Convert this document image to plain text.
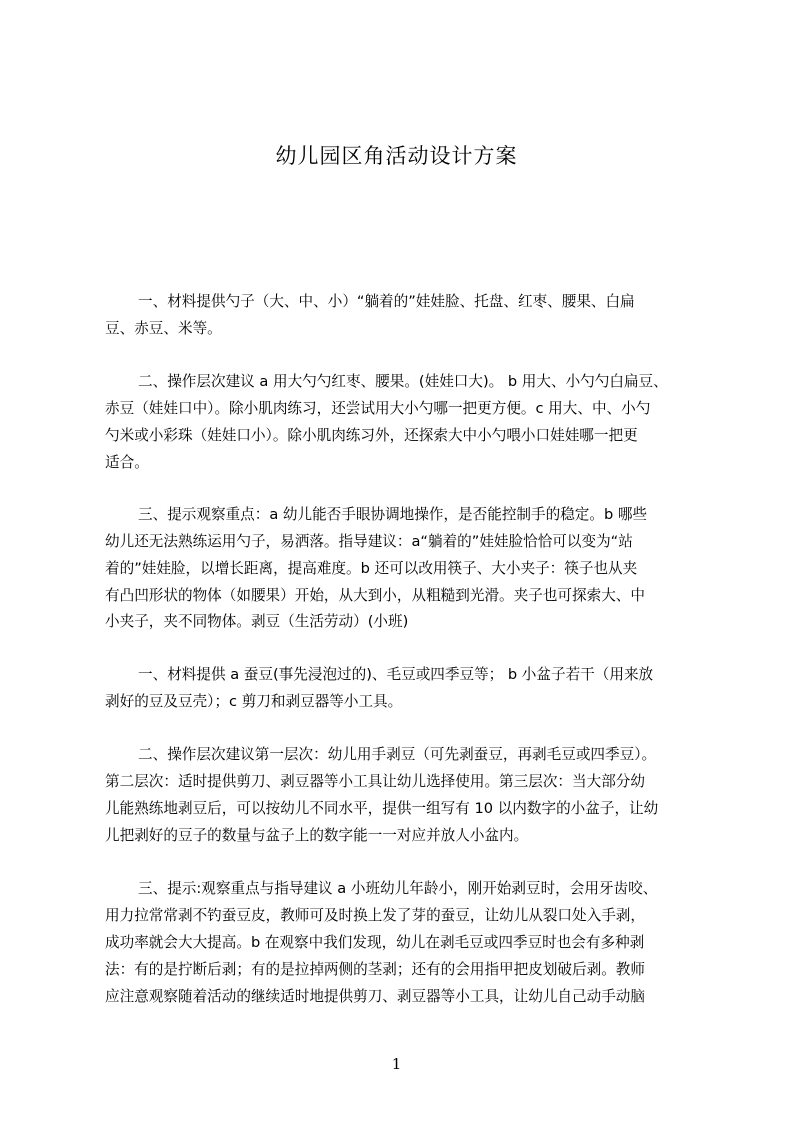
幼儿园区角活动设计方案
一、材料提供勺子（大、中、小）“躺着的”娃娃脸、托盘、红枣、腰果、白扁
豆、赤豆、米等。
二、操作层次建议 a 用大勺勺红枣、腰果。(娃娃口大)。 b 用大、小勺勺白扁豆、
赤豆（娃娃口中）。除小肌肉练习，还尝试用大小勺哪一把更方便。c 用大、中、小勺
勺米或小彩珠（娃娃口小）。除小肌肉练习外，还探索大中小勺喂小口娃娃哪一把更
适合。
三、提示观察重点：a 幼儿能否手眼协调地操作，是否能控制手的稳定。b 哪些
幼儿还无法熟练运用勺子，易洒落。指导建议：a“躺着的”娃娃脸恰恰可以变为“站
着的”娃娃脸，以增长距离，提高难度。b 还可以改用筷子、大小夹子：筷子也从夹
有凸凹形状的物体（如腰果）开始，从大到小，从粗糙到光滑。夹子也可探索大、中
小夹子，夹不同物体。剥豆（生活劳动）(小班)
一、材料提供 a 蚕豆(事先浸泡过的)、毛豆或四季豆等； b 小盆子若干（用来放
剥好的豆及豆壳）；c 剪刀和剥豆器等小工具。
二、操作层次建议第一层次：幼儿用手剥豆（可先剥蚕豆，再剥毛豆或四季豆）。
第二层次：适时提供剪刀、剥豆器等小工具让幼儿选择使用。第三层次：当大部分幼
儿能熟练地剥豆后，可以按幼儿不同水平，提供一组写有 10 以内数字的小盆子，让幼
儿把剥好的豆子的数量与盆子上的数字能一一对应并放人小盆内。
三、提示:观察重点与指导建议 a 小班幼儿年龄小，刚开始剥豆时，会用牙齿咬、
用力拉常常剥不钓蚕豆皮，教师可及时换上发了芽的蚕豆，让幼儿从裂口处入手剥，
成功率就会大大提高。b 在观察中我们发现，幼儿在剥毛豆或四季豆时也会有多种剥
法：有的是拧断后剥；有的是拉掉两侧的茎剥；还有的会用指甲把皮划破后剥。教师
应注意观察随着活动的继续适时地提供剪刀、剥豆器等小工具，让幼儿自己动手动脑
1
